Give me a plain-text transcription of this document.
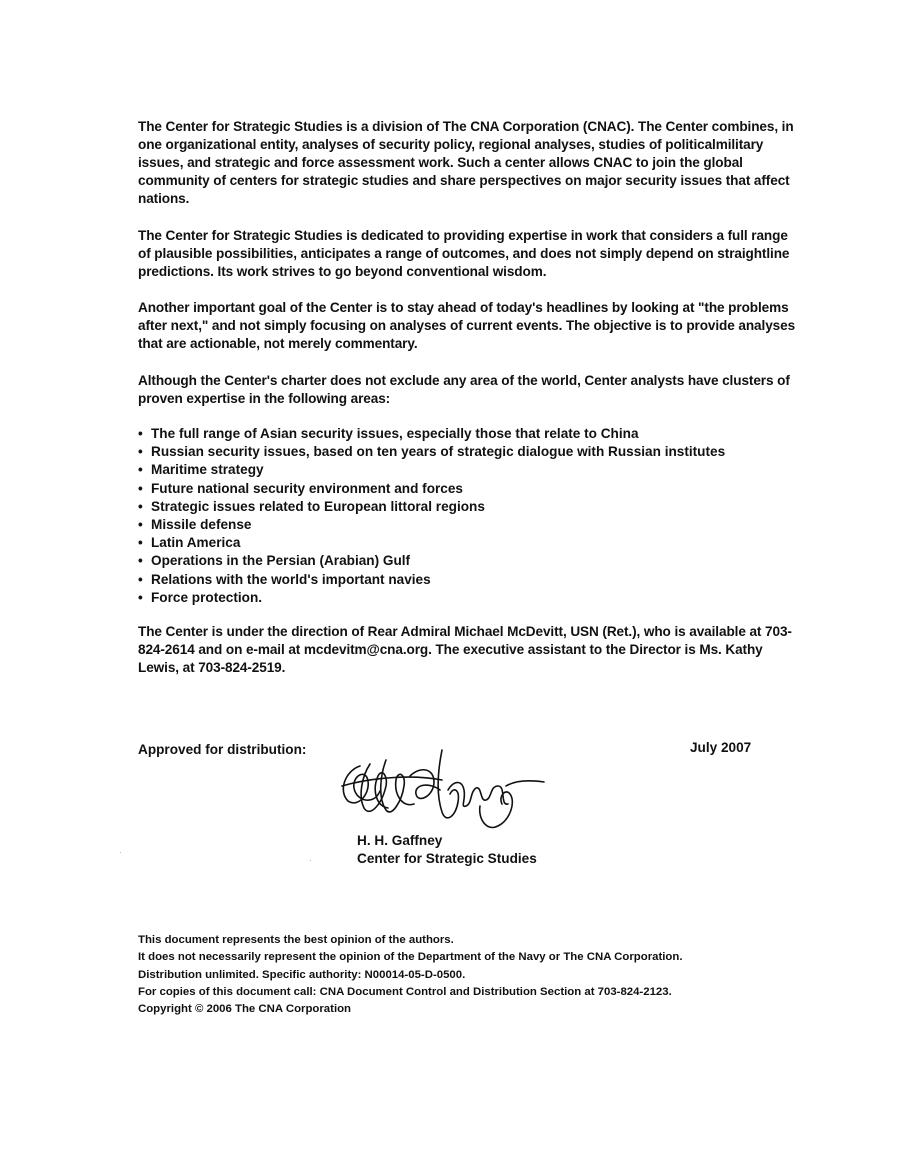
The Center for Strategic Studies is a division of The CNA Corporation (CNAC). The Center combines, in one organizational entity, analyses of security policy, regional analyses, studies of politicalmilitary issues, and strategic and force assessment work. Such a center allows CNAC to join the global community of centers for strategic studies and share perspectives on major security issues that affect nations.
The Center for Strategic Studies is dedicated to providing expertise in work that considers a full range of plausible possibilities, anticipates a range of outcomes, and does not simply depend on straightline predictions. Its work strives to go beyond conventional wisdom.
Another important goal of the Center is to stay ahead of today's headlines by looking at "the problems after next," and not simply focusing on analyses of current events. The objective is to provide analyses that are actionable, not merely commentary.
Although the Center's charter does not exclude any area of the world, Center analysts have clusters of proven expertise in the following areas:
• The full range of Asian security issues, especially those that relate to China
• Russian security issues, based on ten years of strategic dialogue with Russian institutes
• Maritime strategy
• Future national security environment and forces
• Strategic issues related to European littoral regions
• Missile defense
• Latin America
• Operations in the Persian (Arabian) Gulf
• Relations with the world's important navies
• Force protection.
The Center is under the direction of Rear Admiral Michael McDevitt, USN (Ret.), who is available at 703-824-2614 and on e-mail at mcdevitm@cna.org. The executive assistant to the Director is Ms. Kathy Lewis, at 703-824-2519.
Approved for distribution:	July 2007
H. H. Gaffney
Center for Strategic Studies
This document represents the best opinion of the authors.
It does not necessarily represent the opinion of the Department of the Navy or The CNA Corporation.
Distribution unlimited. Specific authority: N00014-05-D-0500.
For copies of this document call: CNA Document Control and Distribution Section at 703-824-2123.
Copyright © 2006 The CNA Corporation
